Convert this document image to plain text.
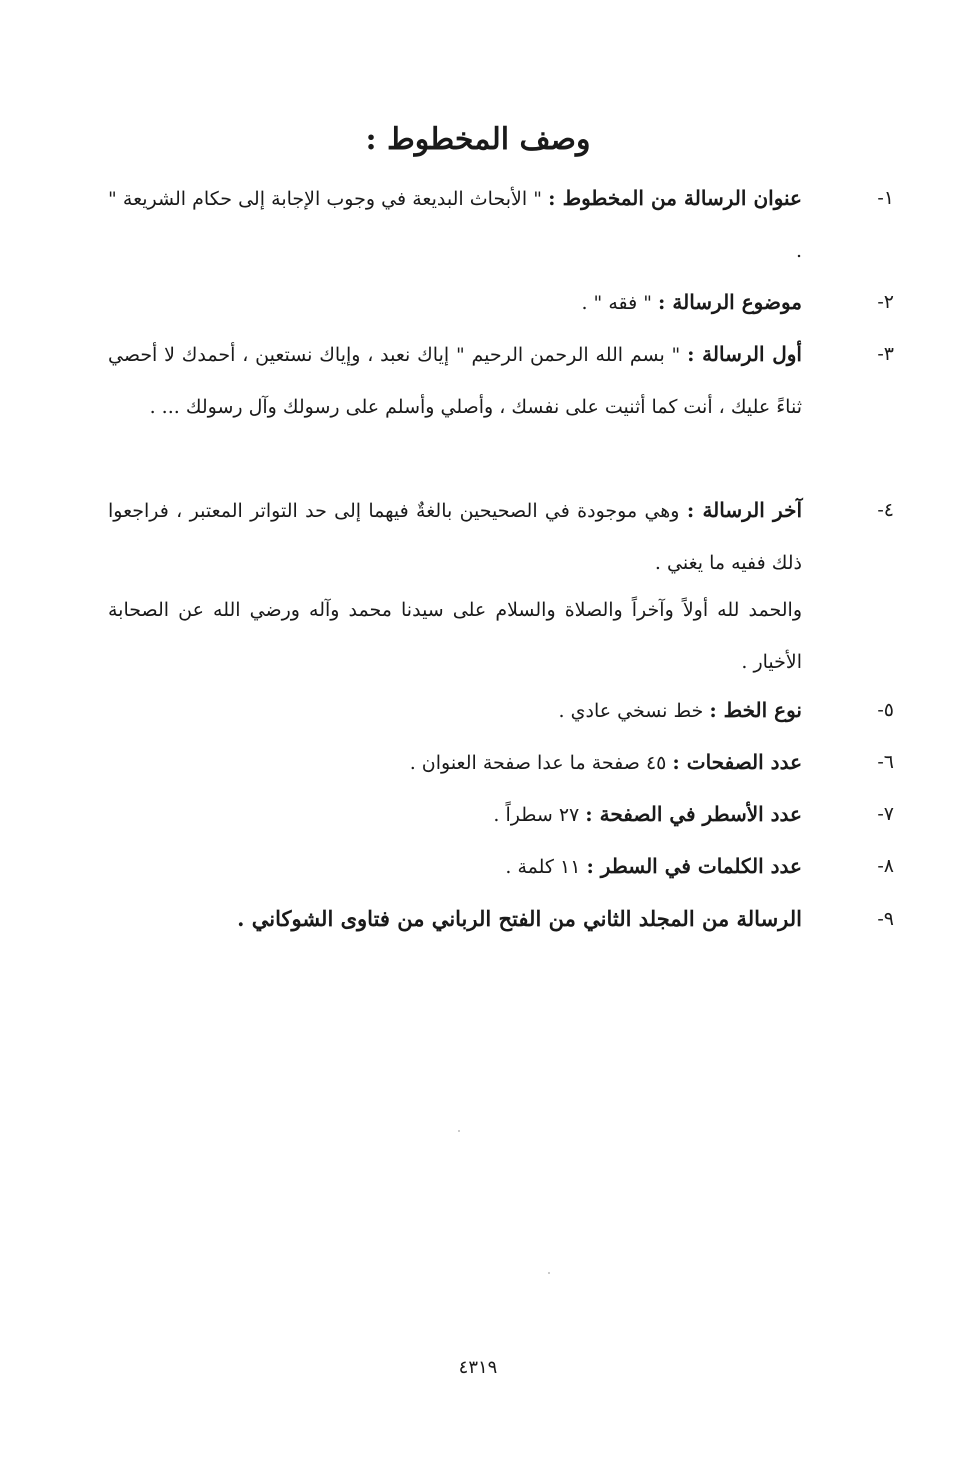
وصف المخطوط :
١-
عنوان الرسالة من المخطوط : " الأبحاث البديعة في وجوب الإجابة إلى حكام الشريعة " .
٢-
موضوع الرسالة : " فقه " .
٣-
أول الرسالة : " بسم الله الرحمن الرحيم " إياك نعبد ، وإياك نستعين ، أحمدك لا أحصي ثناءً عليك ، أنت كما أثنيت على نفسك ، وأصلي وأسلم على رسولك وآل رسولك ... .
٤-
آخر الرسالة : وهي موجودة في الصحيحين بالغةٌ فيهما إلى حد التواتر المعتبر ، فراجعوا ذلك ففيه ما يغني .
والحمد لله أولاً وآخراً والصلاة والسلام على سيدنا محمد وآله ورضي الله عن الصحابة الأخيار .
٥-
نوع الخط : خط نسخي عادي .
٦-
عدد الصفحات : ٤٥ صفحة ما عدا صفحة العنوان .
٧-
عدد الأسطر في الصفحة : ٢٧ سطراً .
٨-
عدد الكلمات في السطر : ١١ كلمة .
٩-
الرسالة من المجلد الثاني من الفتح الرباني من فتاوى الشوكاني .
٤٣١٩
